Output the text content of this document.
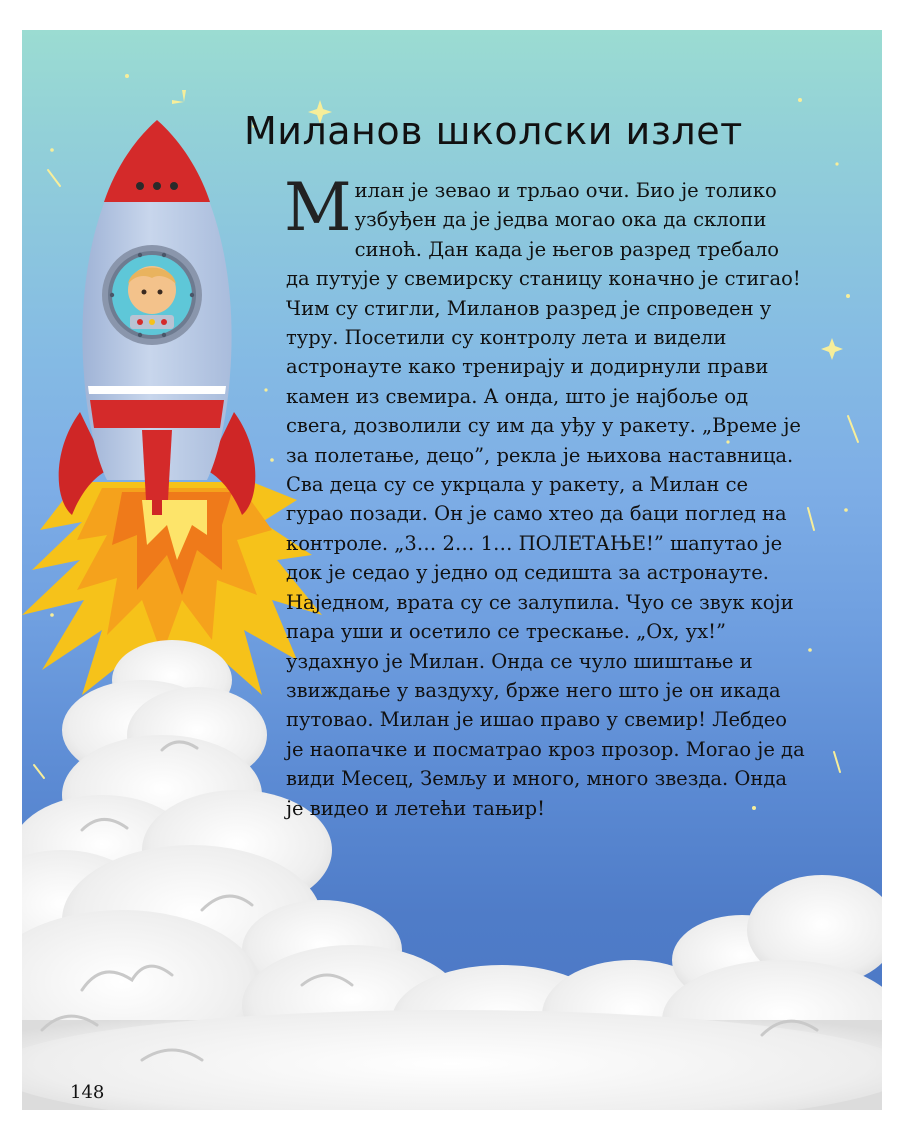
Миланов школски излет

Милан је зевао и трљао очи. Био је толико узбуђен да је једва могао ока да склопи синоћ. Дан када је његов разред требало да путује у свемирску станицу коначно је стигао! Чим су стигли, Миланов разред је спроведен у туру. Посетили су контролу лета и видели астронауте како тренирају и додирнули прави камен из свемира. А онда, што је најбоље од свега, дозволили су им да уђу у ракету. „Време је за полетање, децо”, рекла је њихова наставница. Сва деца су се укрцала у ракету, а Милан се гурао позади. Он је само хтео да баци поглед на контроле. „3… 2… 1… ПОЛЕТАЊЕ!” шапутао је док је седао у једно од седишта за астронауте. Наједном, врата су се залупила. Чуо се звук који пара уши и осетило се трескање. „Ох, ух!” уздахнуо је Милан. Онда се чуло шиштање и звиждање у ваздуху, брже него што је он икада путовао. Милан је ишао право у свемир! Лебдео је наопачке и посматрао кроз прозор. Могао је да види Месец, Земљу и много, много звезда. Онда је видео и летећи тањир!

148
